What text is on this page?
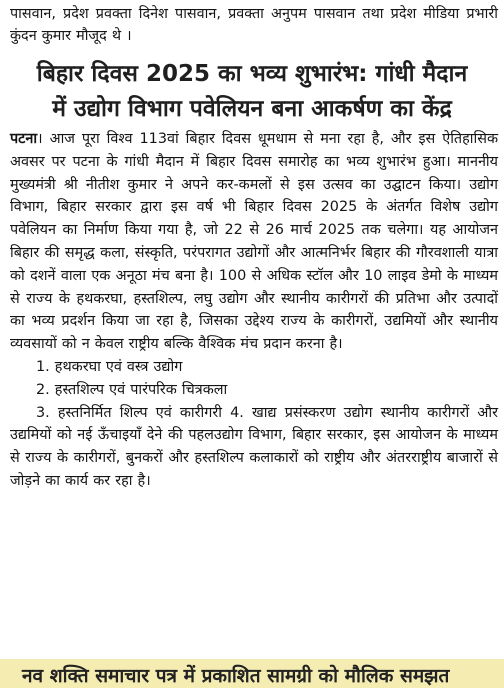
पासवान, प्रदेश प्रवक्ता दिनेश पासवान, प्रवक्ता अनुपम पासवान तथा प्रदेश मीडिया प्रभारी कुंदन कुमार मौजूद थे ।
बिहार दिवस 2025 का भव्य शुभारंभ: गांधी मैदान
में उद्योग विभाग पवेलियन बना आकर्षण का केंद्र

पटना। आज पूरा विश्व 113वां बिहार दिवस धूमधाम से मना रहा है, और इस ऐतिहासिक अवसर पर पटना के गांधी मैदान में बिहार दिवस समारोह का भव्य शुभारंभ हुआ। माननीय मुख्यमंत्री श्री नीतीश कुमार ने अपने कर-कमलों से इस उत्सव का उद्घाटन किया। उद्योग विभाग, बिहार सरकार द्वारा इस वर्ष भी बिहार दिवस 2025 के अंतर्गत विशेष उद्योग पवेलियन का निर्माण किया गया है, जो 22 से 26 मार्च 2025 तक चलेगा। यह आयोजन बिहार की समृद्ध कला, संस्कृति, परंपरागत उद्योगों और आत्मनिर्भर बिहार की गौरवशाली यात्रा को दशनें वाला एक अनूठा मंच बना है। 100 से अधिक स्टॉल और 10 लाइव डेमो के माध्यम से राज्य के हथकरघा, हस्तशिल्प, लघु उद्योग और स्थानीय कारीगरों की प्रतिभा और उत्पादों का भव्य प्रदर्शन किया जा रहा है, जिसका उद्देश्य राज्य के कारीगरों, उद्यमियों और स्थानीय व्यवसायों को न केवल राष्ट्रीय बल्कि वैश्विक मंच प्रदान करना है।

1. हथकरघा एवं वस्त्र उद्योग

2. हस्तशिल्प एवं पारंपरिक चित्रकला

3. हस्तनिर्मित शिल्प एवं कारीगरी 4. खाद्य प्रसंस्करण उद्योग स्थानीय कारीगरों और उद्यमियों को नई ऊँचाइयाँ देने की पहलउद्योग विभाग, बिहार सरकार, इस आयोजन के माध्यम से राज्य के कारीगरों, बुनकरों और हस्तशिल्प कलाकारों को राष्ट्रीय और अंतरराष्ट्रीय बाजारों से जोड़ने का कार्य कर रहा है।

नव शक्ति समाचार पत्र में प्रकाशित सामग्री को मौलिक समझत
